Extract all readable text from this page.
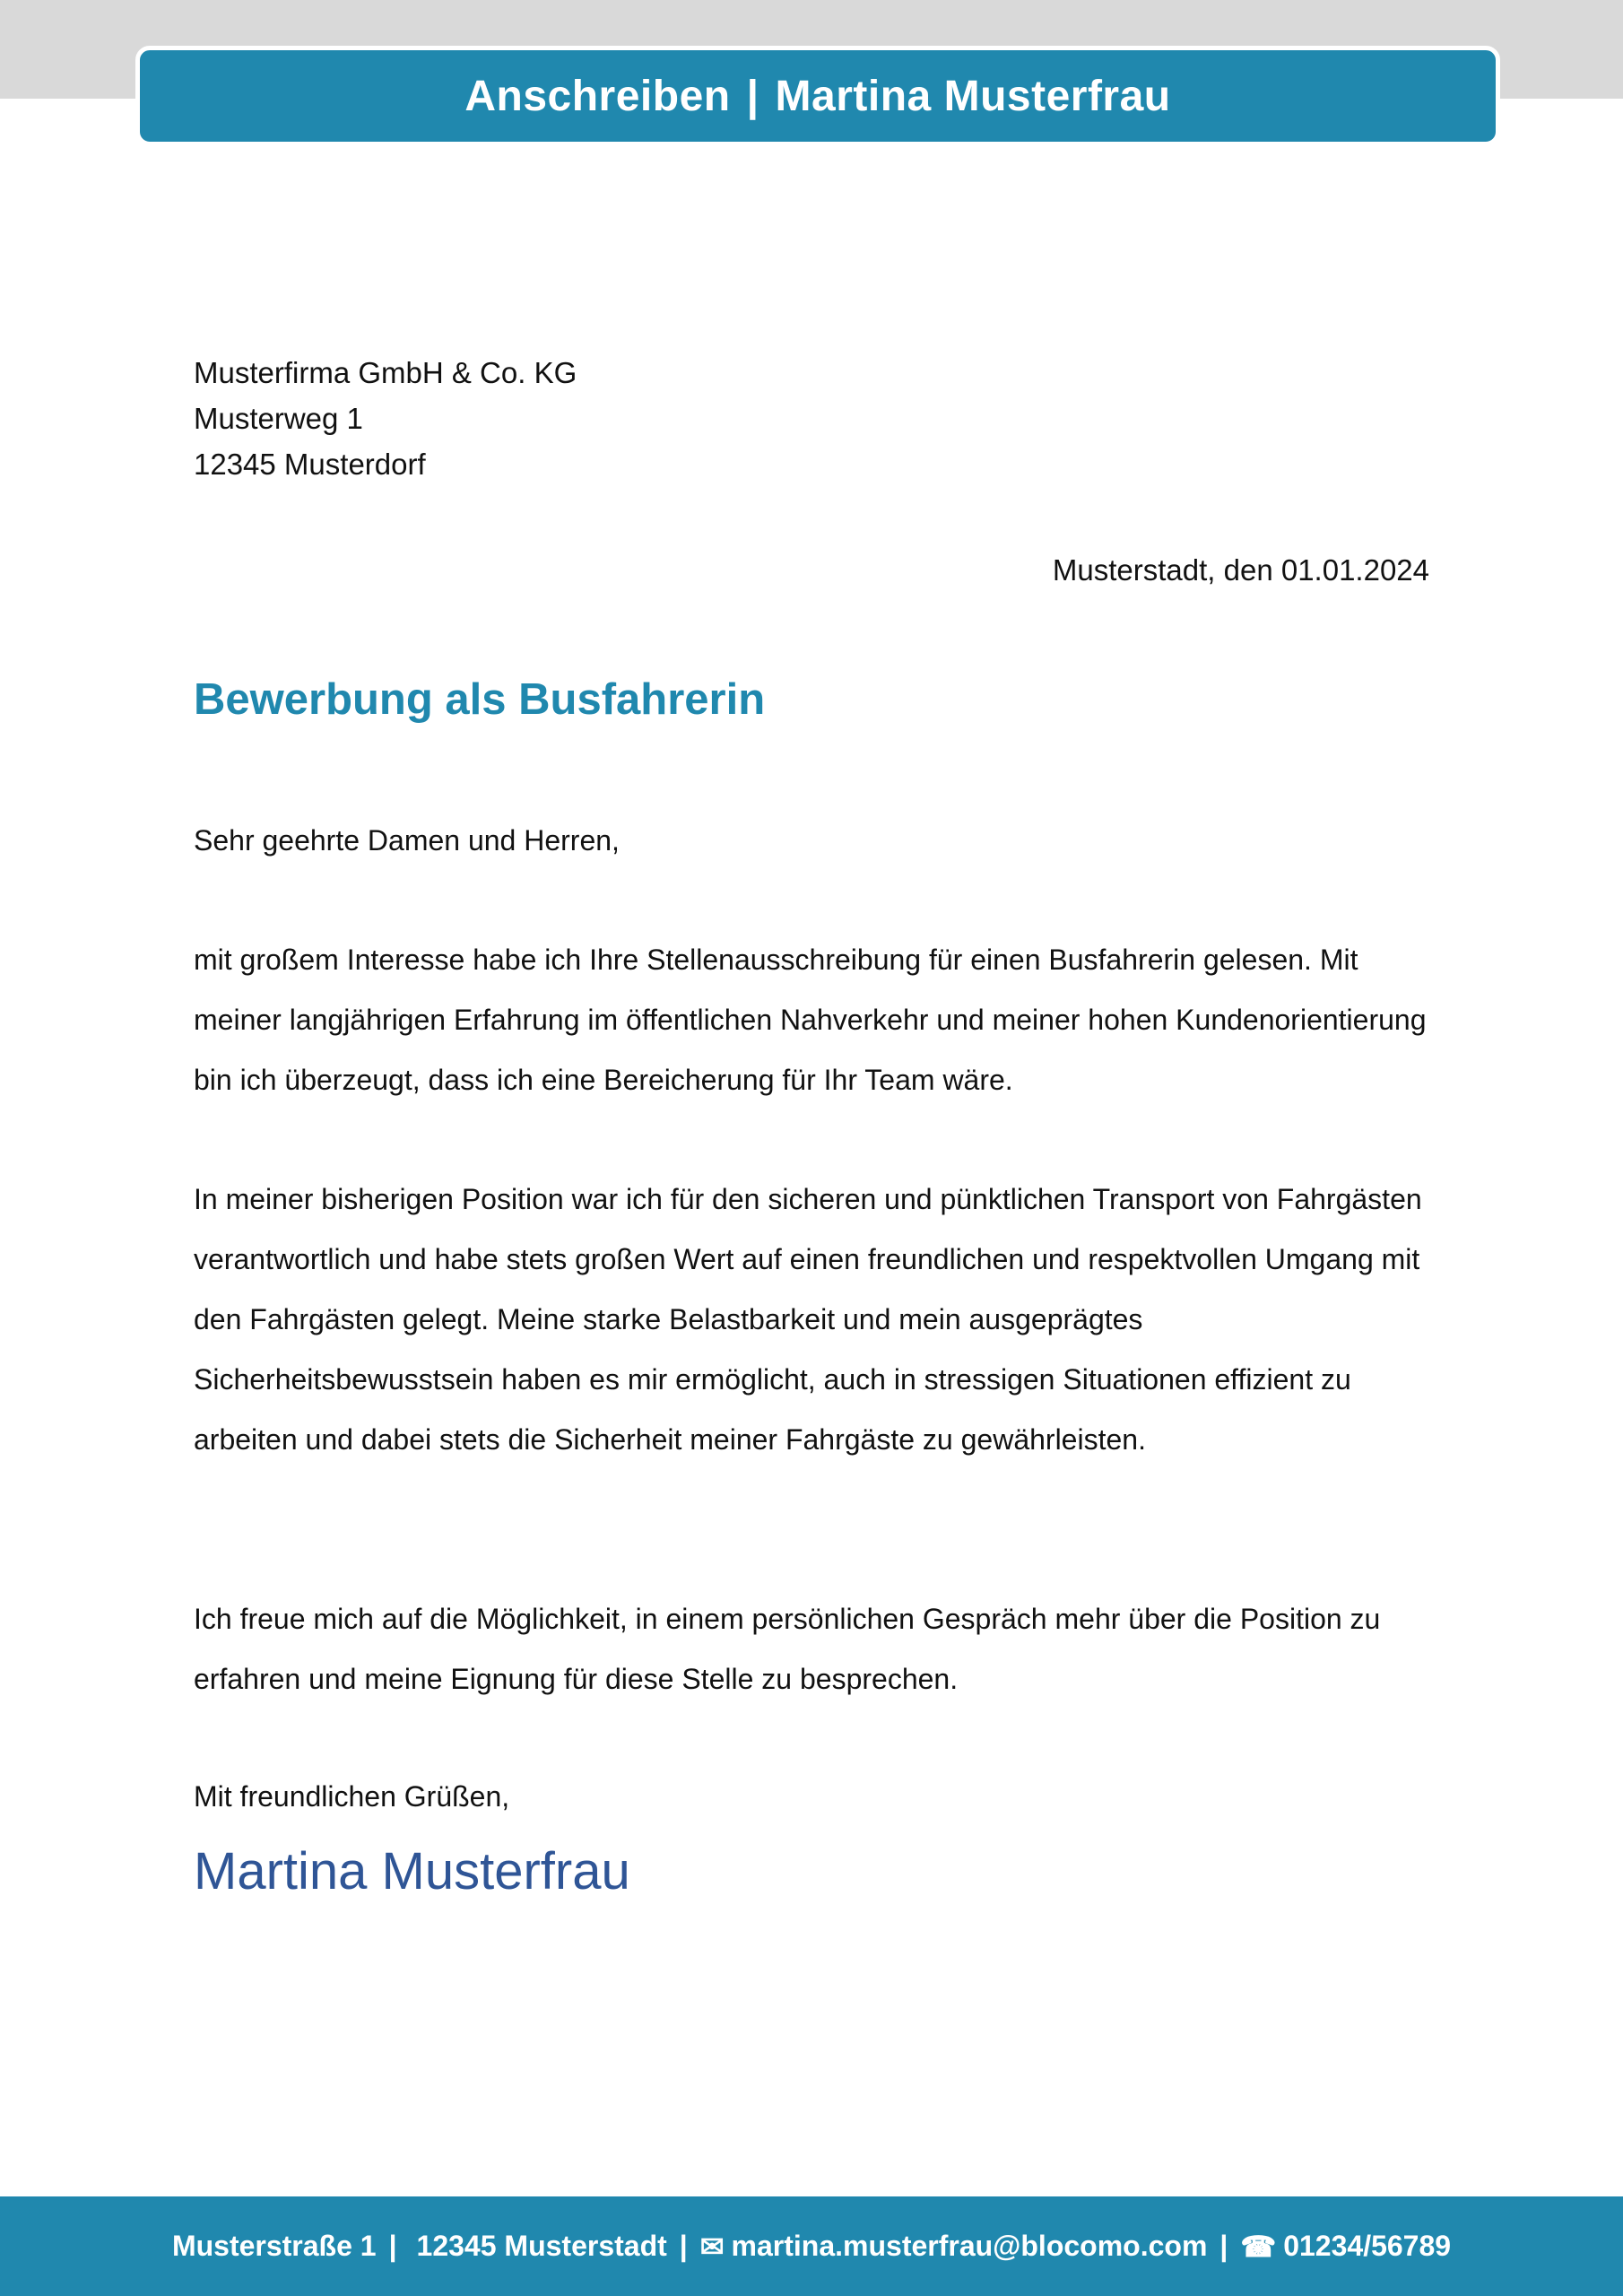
Anschreiben | Martina Musterfrau
Musterfirma GmbH & Co. KG
Musterweg 1
12345 Musterdorf
Musterstadt, den 01.01.2024
Bewerbung als Busfahrerin
Sehr geehrte Damen und Herren,

mit großem Interesse habe ich Ihre Stellenausschreibung für einen Busfahrerin gelesen. Mit meiner langjährigen Erfahrung im öffentlichen Nahverkehr und meiner hohen Kundenorientierung bin ich überzeugt, dass ich eine Bereicherung für Ihr Team wäre.

In meiner bisherigen Position war ich für den sicheren und pünktlichen Transport von Fahrgästen verantwortlich und habe stets großen Wert auf einen freundlichen und respektvollen Umgang mit den Fahrgästen gelegt. Meine starke Belastbarkeit und mein ausgeprägtes Sicherheitsbewusstsein haben es mir ermöglicht, auch in stressigen Situationen effizient zu arbeiten und dabei stets die Sicherheit meiner Fahrgäste zu gewährleisten.

Ich freue mich auf die Möglichkeit, in einem persönlichen Gespräch mehr über die Position zu erfahren und meine Eignung für diese Stelle zu besprechen.

Mit freundlichen Grüßen,
Martina Musterfrau
Musterstraße 1 | 12345 Musterstadt | ✉ martina.musterfrau@blocomo.com | ☎ 01234/56789
